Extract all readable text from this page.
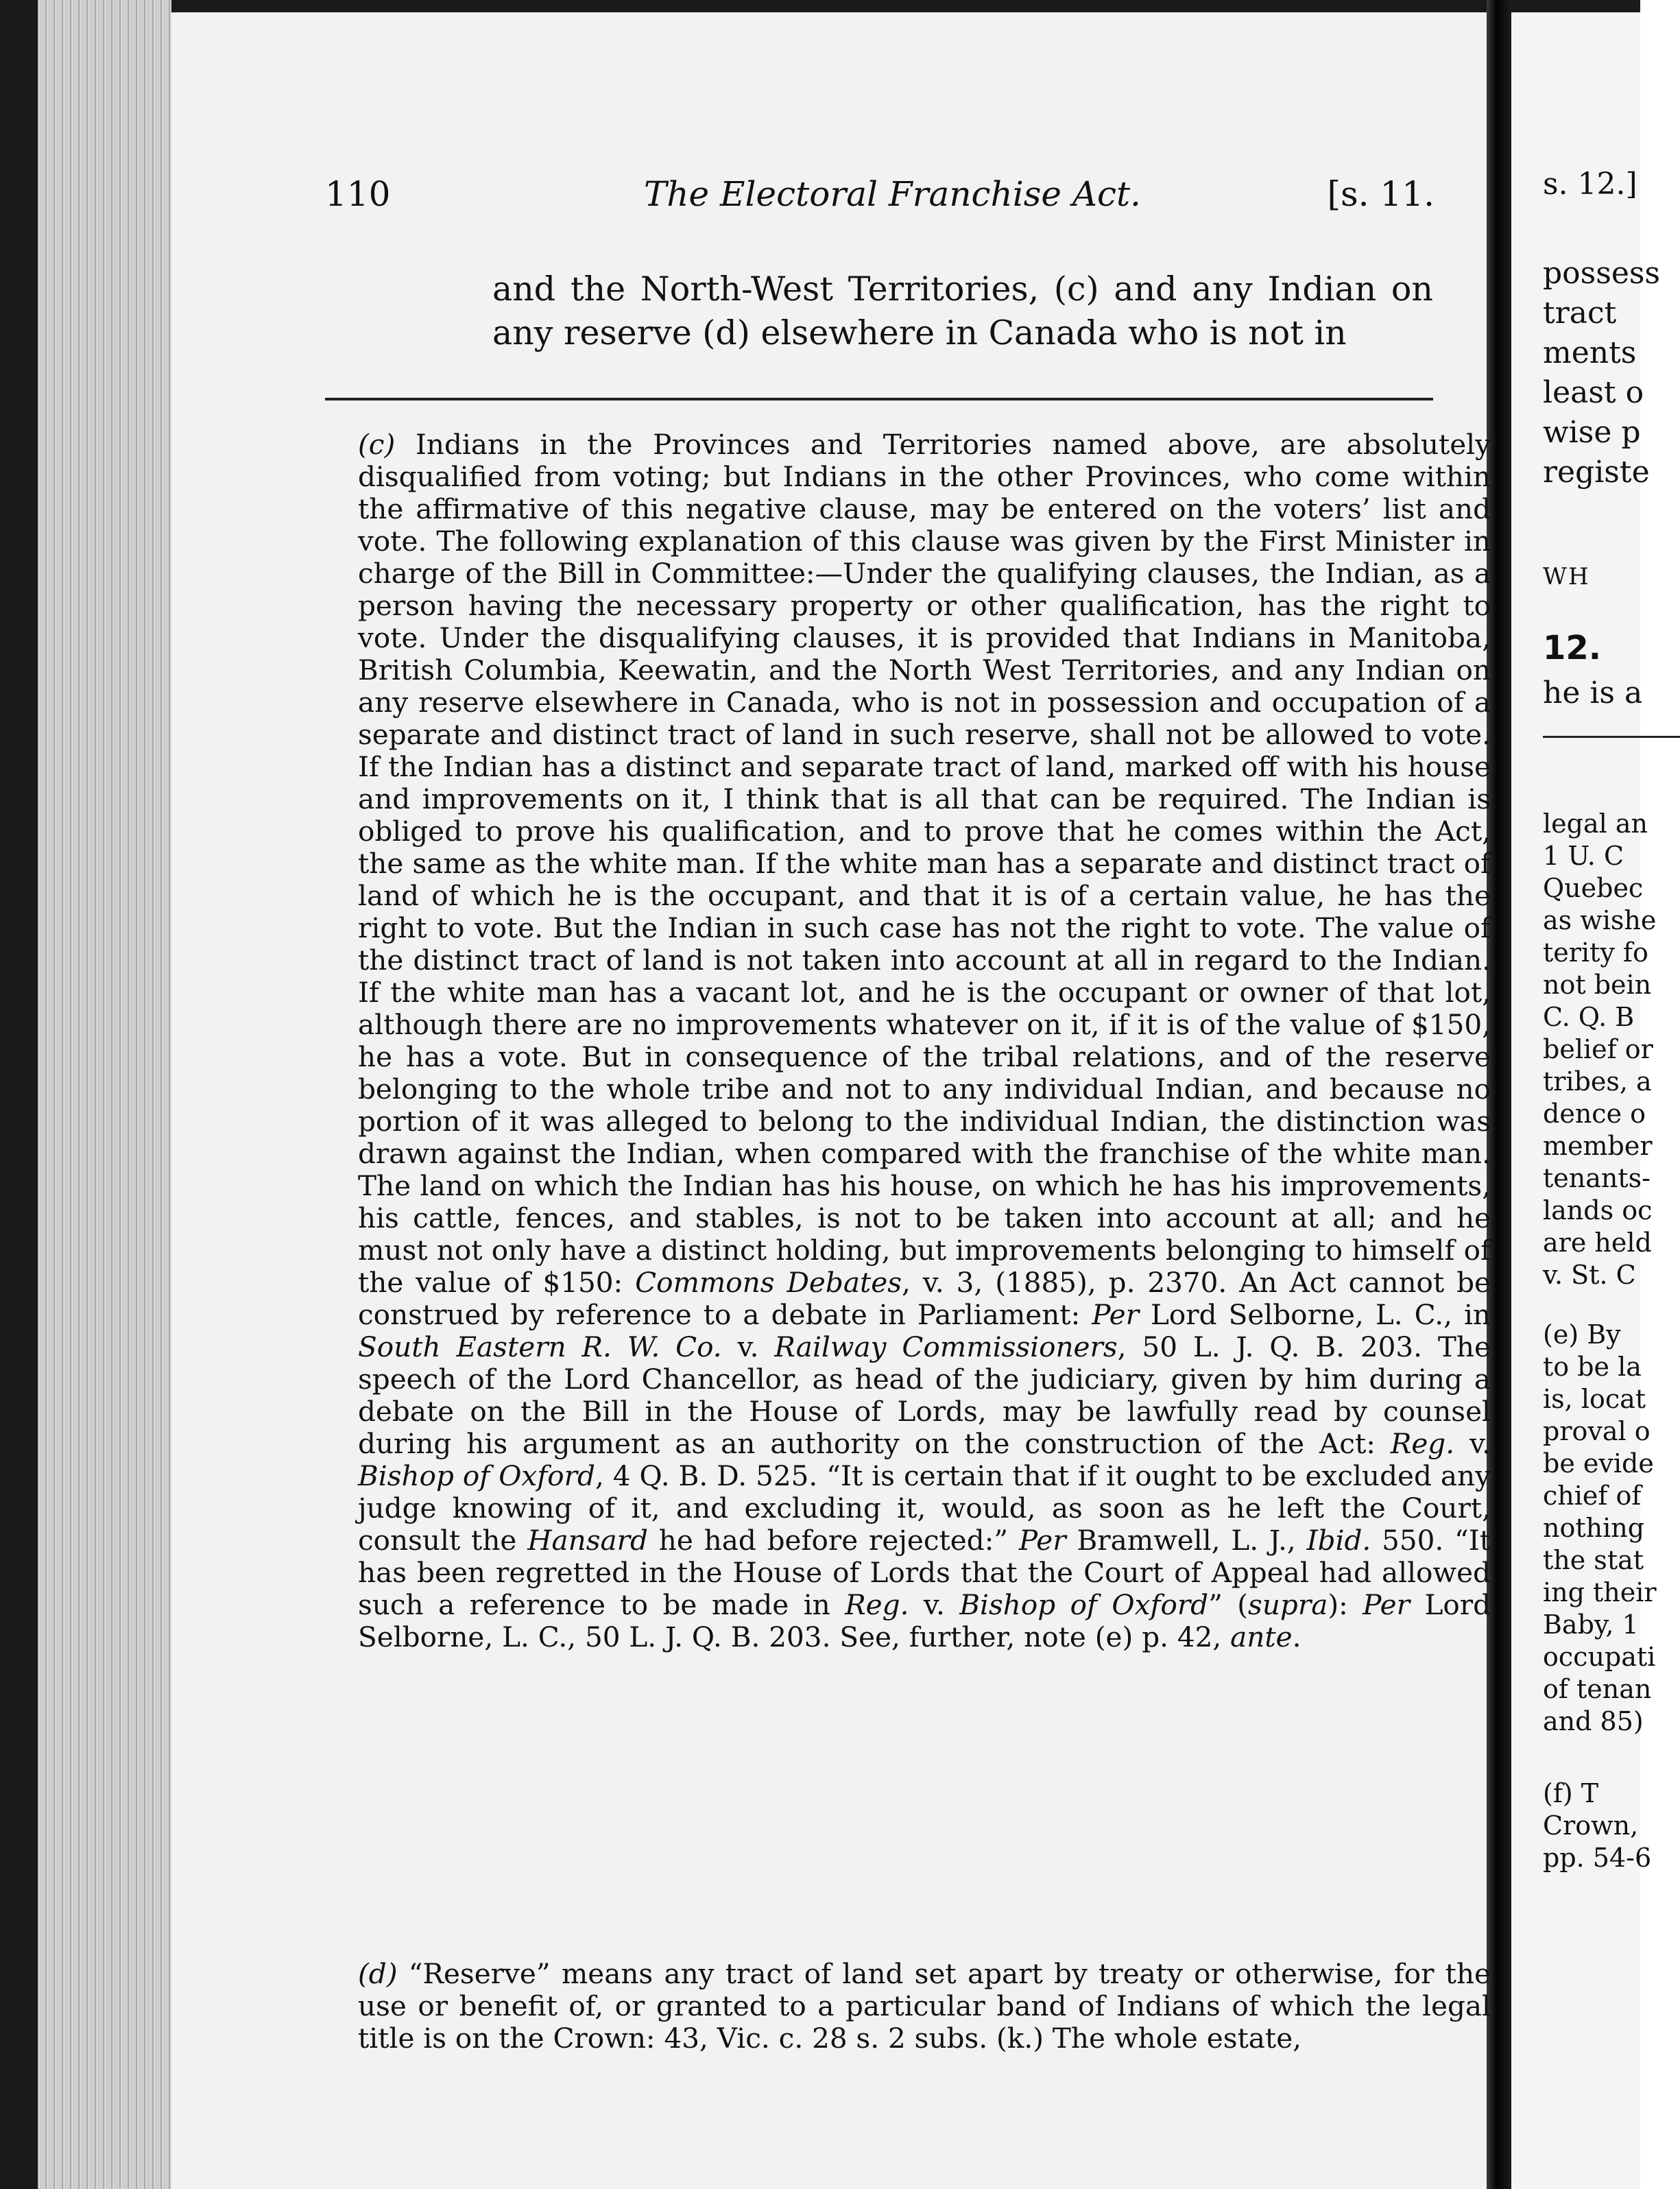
s. 12.]
possess
tract
ments
least o
wise p
registe
WH
12.
he is a
legal an
1 U. C
Quebec
as wishe
terity fo
not bein
C. Q. B
belief or
tribes, a
dence o
member
tenants-
lands oc
are held
v. St. C
(e) By
to be la
is, locat
proval o
be evide
chief of
nothing
the stat
ing their
Baby, 1
occupati
of tenan
and 85)
(f) T
Crown,
pp. 54-6
110	The Electoral Franchise Act.	[s. 11.
and the North-West Territories, (c) and any Indian on any reserve (d) elsewhere in Canada who is not in
(c) Indians in the Provinces and Territories named above, are absolutely disqualified from voting; but Indians in the other Provinces, who come within the affirmative of this negative clause, may be entered on the voters’ list and vote. The following explanation of this clause was given by the First Minister in charge of the Bill in Committee:—Under the qualifying clauses, the Indian, as a person having the necessary property or other qualification, has the right to vote. Under the disqualifying clauses, it is provided that Indians in Manitoba, British Columbia, Keewatin, and the North West Territories, and any Indian on any reserve elsewhere in Canada, who is not in possession and occupation of a separate and distinct tract of land in such reserve, shall not be allowed to vote. If the Indian has a distinct and separate tract of land, marked off with his house and improvements on it, I think that is all that can be required. The Indian is obliged to prove his qualification, and to prove that he comes within the Act, the same as the white man. If the white man has a separate and distinct tract of land of which he is the occupant, and that it is of a certain value, he has the right to vote. But the Indian in such case has not the right to vote. The value of the distinct tract of land is not taken into account at all in regard to the Indian. If the white man has a vacant lot, and he is the occupant or owner of that lot, although there are no improvements whatever on it, if it is of the value of $150, he has a vote. But in consequence of the tribal relations, and of the reserve belonging to the whole tribe and not to any individual Indian, and because no portion of it was alleged to belong to the individual Indian, the distinction was drawn against the Indian, when compared with the franchise of the white man. The land on which the Indian has his house, on which he has his improvements, his cattle, fences, and stables, is not to be taken into account at all; and he must not only have a distinct holding, but improvements belonging to himself of the value of $150: Commons Debates, v. 3, (1885), p. 2370. An Act cannot be construed by reference to a debate in Parliament: Per Lord Selborne, L. C., in South Eastern R. W. Co. v. Railway Commissioners, 50 L. J. Q. B. 203. The speech of the Lord Chancellor, as head of the judiciary, given by him during a debate on the Bill in the House of Lords, may be lawfully read by counsel during his argument as an authority on the construction of the Act: Reg. v. Bishop of Oxford, 4 Q. B. D. 525. “It is certain that if it ought to be excluded any judge knowing of it, and excluding it, would, as soon as he left the Court, consult the Hansard he had before rejected:” Per Bramwell, L. J., Ibid. 550. “It has been regretted in the House of Lords that the Court of Appeal had allowed such a reference to be made in Reg. v. Bishop of Oxford” (supra): Per Lord Selborne, L. C., 50 L. J. Q. B. 203. See, further, note (e) p. 42, ante.
(d) “Reserve” means any tract of land set apart by treaty or otherwise, for the use or benefit of, or granted to a particular band of Indians of which the legal title is on the Crown: 43, Vic. c. 28 s. 2 subs. (k.) The whole estate,
